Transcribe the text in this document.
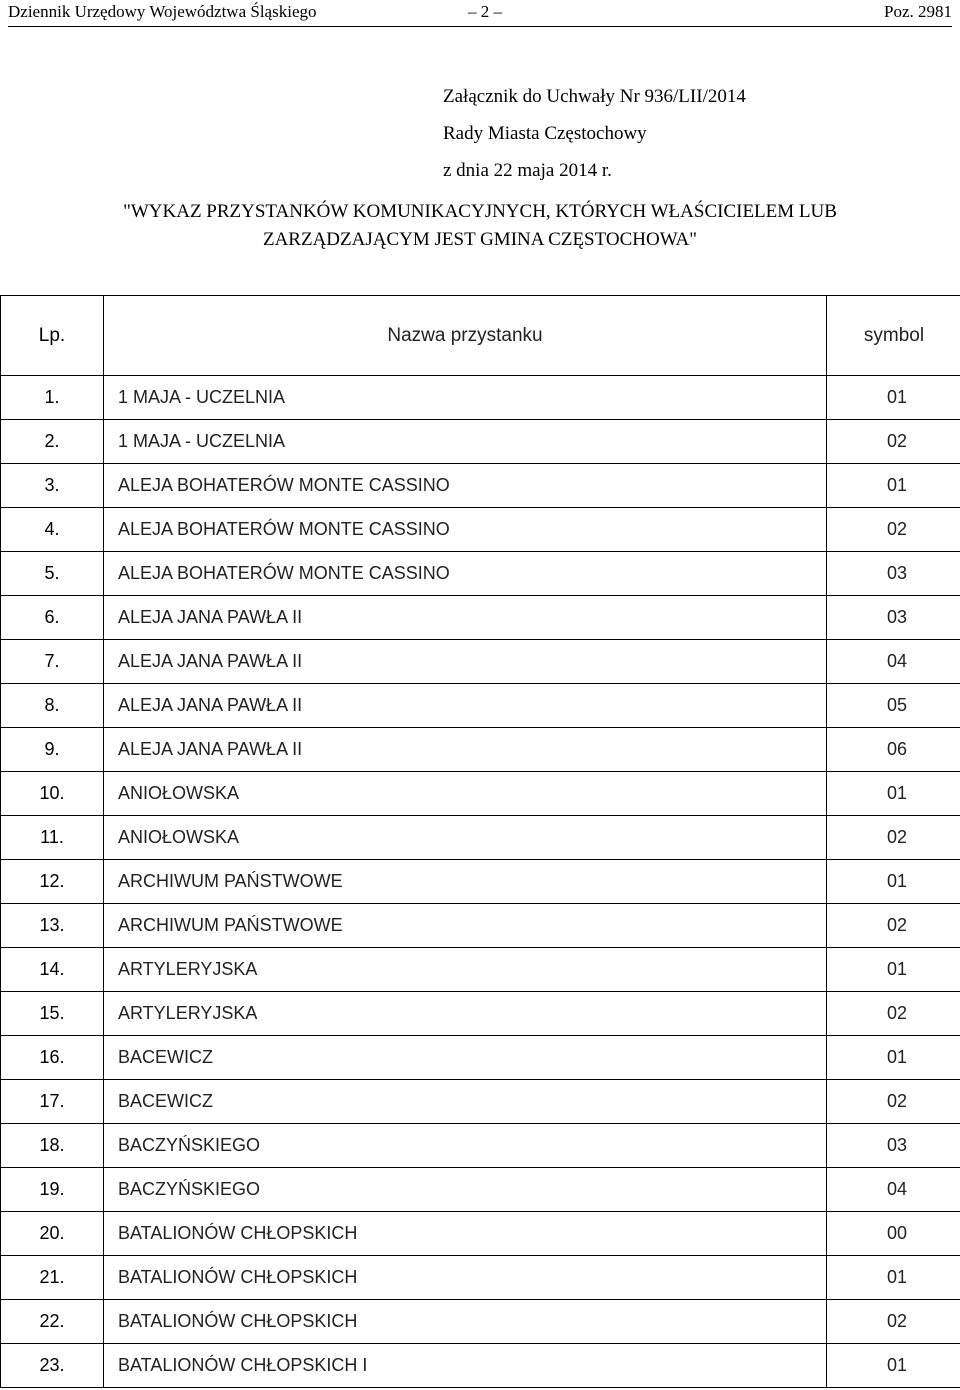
Dziennik Urzędowy Województwa Śląskiego	– 2 –	Poz. 2981
Załącznik do Uchwały Nr 936/LII/2014
Rady Miasta Częstochowy
z dnia 22 maja 2014 r.
"WYKAZ PRZYSTANKÓW KOMUNIKACYJNYCH, KTÓRYCH WŁAŚCICIELEM LUB
ZARZĄDZAJĄCYM JEST GMINA CZĘSTOCHOWA"
Lp.	Nazwa przystanku	symbol
1.	1 MAJA - UCZELNIA	01
2.	1 MAJA - UCZELNIA	02
3.	ALEJA BOHATERÓW MONTE CASSINO	01
4.	ALEJA BOHATERÓW MONTE CASSINO	02
5.	ALEJA BOHATERÓW MONTE CASSINO	03
6.	ALEJA JANA PAWŁA II	03
7.	ALEJA JANA PAWŁA II	04
8.	ALEJA JANA PAWŁA II	05
9.	ALEJA JANA PAWŁA II	06
10.	ANIOŁOWSKA	01
11.	ANIOŁOWSKA	02
12.	ARCHIWUM PAŃSTWOWE	01
13.	ARCHIWUM PAŃSTWOWE	02
14.	ARTYLERYJSKA	01
15.	ARTYLERYJSKA	02
16.	BACEWICZ	01
17.	BACEWICZ	02
18.	BACZYŃSKIEGO	03
19.	BACZYŃSKIEGO	04
20.	BATALIONÓW CHŁOPSKICH	00
21.	BATALIONÓW CHŁOPSKICH	01
22.	BATALIONÓW CHŁOPSKICH	02
23.	BATALIONÓW CHŁOPSKICH I	01
